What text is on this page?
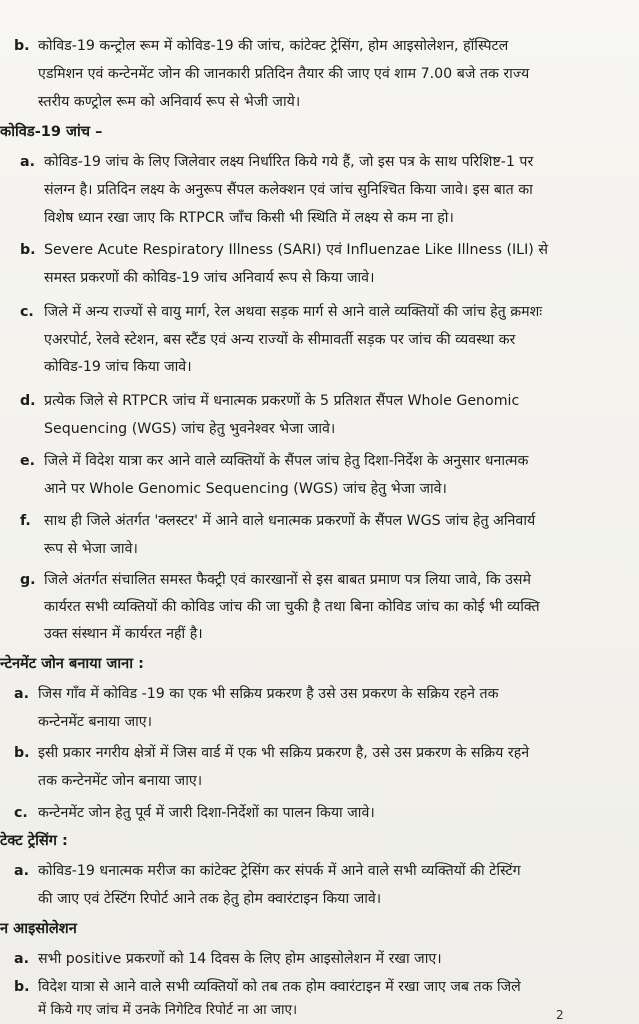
b. कोविड-19 कन्ट्रोल रूम में कोविड-19 की जांच, कांटेक्ट ट्रेसिंग, होम आइसोलेशन, हॉस्पिटल
एडमिशन एवं कन्टेनमेंट जोन की जानकारी प्रतिदिन तैयार की जाए एवं शाम 7.00 बजे तक राज्य
स्तरीय कण्ट्रोल रूम को अनिवार्य रूप से भेजी जाये।
कोविड-19 जांच –
a. कोविड-19 जांच के लिए जिलेवार लक्ष्य निर्धारित किये गये हैं, जो इस पत्र के साथ परिशिष्ट-1 पर
संलग्न है। प्रतिदिन लक्ष्य के अनुरूप सैंपल कलेक्शन एवं जांच सुनिश्चित किया जावे। इस बात का
विशेष ध्यान रखा जाए कि RTPCR जाँच किसी भी स्थिति में लक्ष्य से कम ना हो।
b. Severe Acute Respiratory Illness (SARI) एवं Influenzae Like Illness (ILI) से
समस्त प्रकरणों की कोविड-19 जांच अनिवार्य रूप से किया जावे।
c. जिले में अन्य राज्यों से वायु मार्ग, रेल अथवा सड़क मार्ग से आने वाले व्यक्तियों की जांच हेतु क्रमशः
एअरपोर्ट, रेलवे स्टेशन, बस स्टैंड एवं अन्य राज्यों के सीमावर्ती सड़क पर जांच की व्यवस्था कर
कोविड-19 जांच किया जावे।
d. प्रत्येक जिले से RTPCR जांच में धनात्मक प्रकरणों के 5 प्रतिशत सैंपल Whole Genomic
Sequencing (WGS) जांच हेतु भुवनेश्वर भेजा जावे।
e. जिले में विदेश यात्रा कर आने वाले व्यक्तियों के सैंपल जांच हेतु दिशा-निर्देश के अनुसार धनात्मक
आने पर Whole Genomic Sequencing (WGS) जांच हेतु भेजा जावे।
f. साथ ही जिले अंतर्गत 'क्लस्टर' में आने वाले धनात्मक प्रकरणों के सैंपल WGS जांच हेतु अनिवार्य
रूप से भेजा जावे।
g. जिले अंतर्गत संचालित समस्त फैक्ट्री एवं कारखानों से इस बाबत प्रमाण पत्र लिया जावे, कि उसमे
कार्यरत सभी व्यक्तियों की कोविड जांच की जा चुकी है तथा बिना कोविड जांच का कोई भी व्यक्ति
उक्त संस्थान में कार्यरत नहीं है।
न्टेनमेंट जोन बनाया जाना :
a. जिस गाँव में कोविड -19 का एक भी सक्रिय प्रकरण है उसे उस प्रकरण के सक्रिय रहने तक
कन्टेनमेंट बनाया जाए।
b. इसी प्रकार नगरीय क्षेत्रों में जिस वार्ड में एक भी सक्रिय प्रकरण है, उसे उस प्रकरण के सक्रिय रहने
तक कन्टेनमेंट जोन बनाया जाए।
c. कन्टेनमेंट जोन हेतु पूर्व में जारी दिशा-निर्देशों का पालन किया जावे।
टेक्ट ट्रेसिंग :
a. कोविड-19 धनात्मक मरीज का कांटेक्ट ट्रेसिंग कर संपर्क में आने वाले सभी व्यक्तियों की टेस्टिंग
की जाए एवं टेस्टिंग रिपोर्ट आने तक हेतु होम क्वारंटाइन किया जावे।
न आइसोलेशन
a. सभी positive प्रकरणों को 14 दिवस के लिए होम आइसोलेशन में रखा जाए।
b. विदेश यात्रा से आने वाले सभी व्यक्तियों को तब तक होम क्वारंटाइन में रखा जाए जब तक जिले
में किये गए जांच में उनके निगेटिव रिपोर्ट ना आ जाए।	2
